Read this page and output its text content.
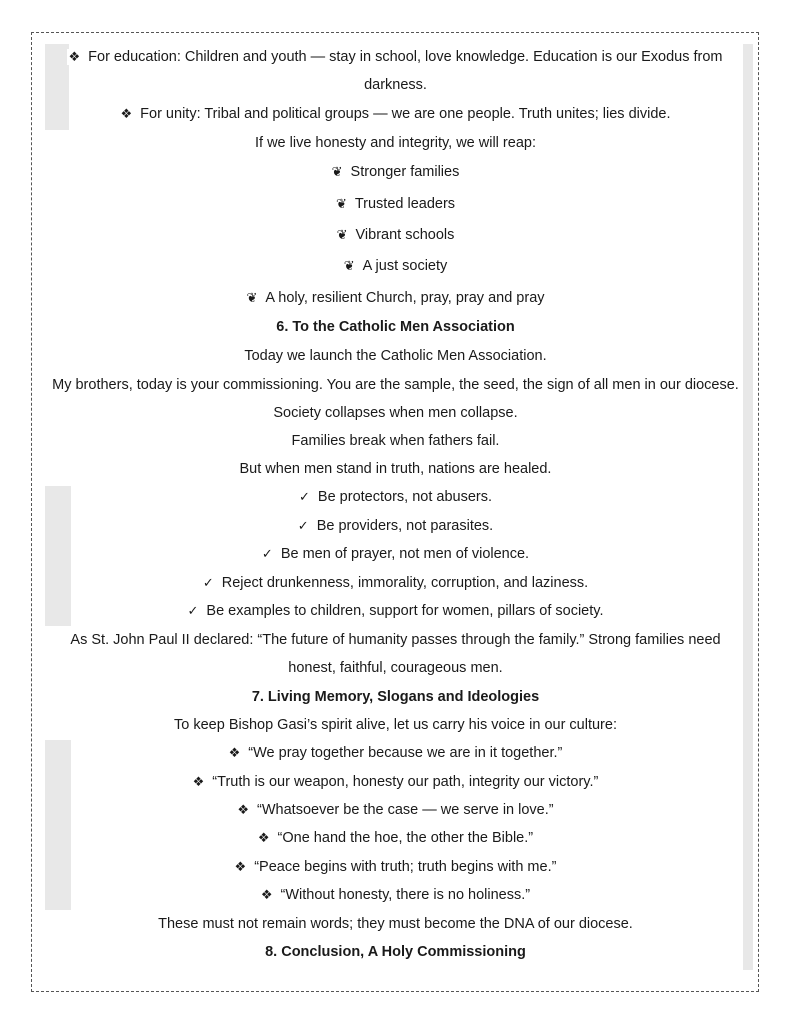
❖ For education: Children and youth — stay in school, love knowledge. Education is our Exodus from
darkness.
❖ For unity: Tribal and political groups — we are one people. Truth unites; lies divide.
If we live honesty and integrity, we will reap:
❦ Stronger families
❦ Trusted leaders
❦ Vibrant schools
❦ A just society
❦ A holy, resilient Church, pray, pray and pray
6. To the Catholic Men Association
Today we launch the Catholic Men Association.
My brothers, today is your commissioning. You are the sample, the seed, the sign of all men in our diocese.
Society collapses when men collapse.
Families break when fathers fail.
But when men stand in truth, nations are healed.
✓ Be protectors, not abusers.
✓ Be providers, not parasites.
✓ Be men of prayer, not men of violence.
✓ Reject drunkenness, immorality, corruption, and laziness.
✓ Be examples to children, support for women, pillars of society.
As St. John Paul II declared: “The future of humanity passes through the family.” Strong families need
honest, faithful, courageous men.
7. Living Memory, Slogans and Ideologies
To keep Bishop Gasi’s spirit alive, let us carry his voice in our culture:
❖ “We pray together because we are in it together.”
❖ “Truth is our weapon, honesty our path, integrity our victory.”
❖ “Whatsoever be the case — we serve in love.”
❖ “One hand the hoe, the other the Bible.”
❖ “Peace begins with truth; truth begins with me.”
❖ “Without honesty, there is no holiness.”
These must not remain words; they must become the DNA of our diocese.
8. Conclusion, A Holy Commissioning
